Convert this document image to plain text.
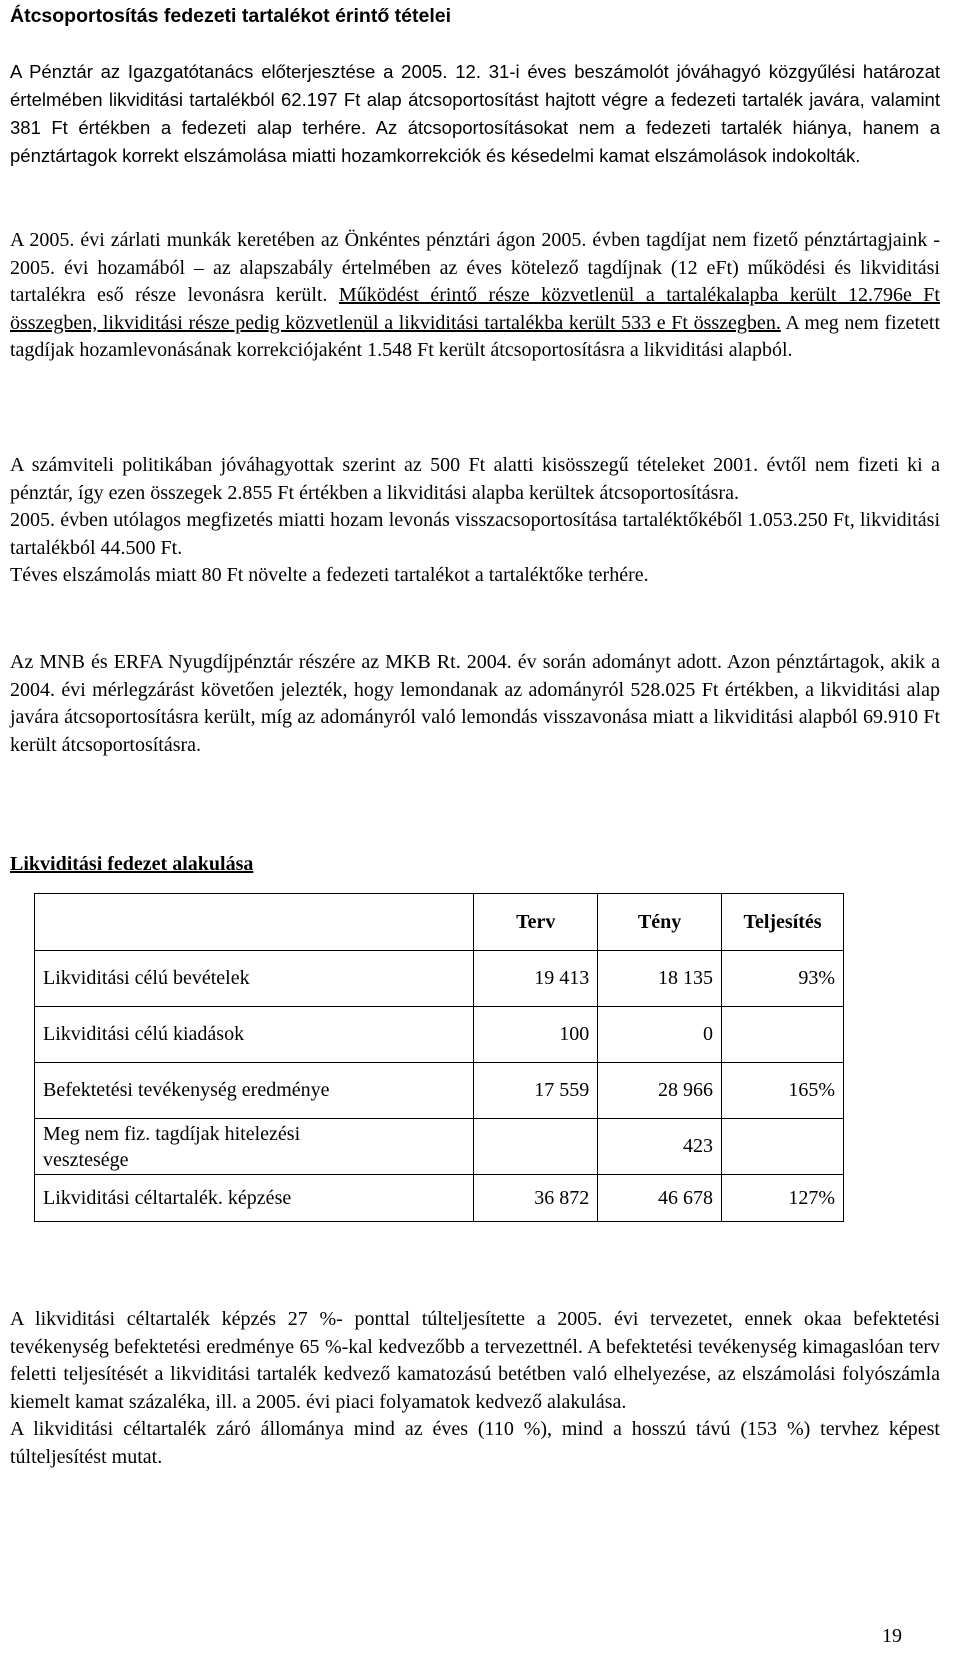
Átcsoportosítás fedezeti tartalékot érintő tételei

A Pénztár az Igazgatótanács előterjesztése a 2005. 12. 31-i éves beszámolót jóváhagyó közgyűlési határozat értelmében likviditási tartalékból 62.197 Ft alap átcsoportosítást hajtott végre a fedezeti tartalék javára, valamint 381 Ft értékben a fedezeti alap terhére. Az átcsoportosításokat nem a fedezeti tartalék hiánya, hanem a pénztártagok korrekt elszámolása miatti hozamkorrekciók és késedelmi kamat elszámolások indokolták.

A 2005. évi zárlati munkák keretében az Önkéntes pénztári ágon 2005. évben tagdíjat nem fizető pénztártagjaink - 2005. évi hozamából – az alapszabály értelmében az éves kötelező tagdíjnak (12 eFt) működési és likviditási tartalékra eső része levonásra került. Működést érintő része közvetlenül a tartalékalapba került 12.796e Ft összegben, likviditási része pedig közvetlenül a likviditási tartalékba került 533 e Ft összegben. A meg nem fizetett tagdíjak hozamlevonásának korrekciójaként 1.548 Ft került átcsoportosításra a likviditási alapból.

A számviteli politikában jóváhagyottak szerint az 500 Ft alatti kisösszegű tételeket 2001. évtől nem fizeti ki a pénztár, így ezen összegek 2.855 Ft értékben a likviditási alapba kerültek átcsoportosításra.

2005. évben utólagos megfizetés miatti hozam levonás visszacsoportosítása tartaléktőkéből 1.053.250 Ft, likviditási tartalékból 44.500 Ft.

Téves elszámolás miatt 80 Ft növelte a fedezeti tartalékot a tartaléktőke terhére.

Az MNB és ERFA Nyugdíjpénztár részére az MKB Rt. 2004. év során adományt adott. Azon pénztártagok, akik a 2004. évi mérlegzárást követően jelezték, hogy lemondanak az adományról 528.025 Ft értékben, a likviditási alap javára átcsoportosításra került, míg az adományról való lemondás visszavonása miatt a likviditási alapból 69.910 Ft került átcsoportosításra.

Likviditási fedezet alakulása
	Terv	Tény	Teljesítés
Likviditási célú bevételek	19 413	18 135	93%
Likviditási célú kiadások	100	0	
Befektetési tevékenység eredménye	17 559	28 966	165%
Meg nem fiz. tagdíjak hitelezési vesztesége		423	
Likviditási céltartalék. képzése	36 872	46 678	127%

A likviditási céltartalék képzés 27 %- ponttal túlteljesítette a 2005. évi tervezetet, ennek okaa befektetési tevékenység befektetési eredménye 65 %-kal kedvezőbb a tervezettnél. A befektetési tevékenység kimagaslóan terv feletti teljesítését a likviditási tartalék kedvező kamatozású betétben való elhelyezése, az elszámolási folyószámla kiemelt kamat százaléka, ill. a 2005. évi piaci folyamatok kedvező alakulása.

A likviditási céltartalék záró állománya mind az éves (110 %), mind a hosszú távú (153 %) tervhez képest túlteljesítést mutat.

19
